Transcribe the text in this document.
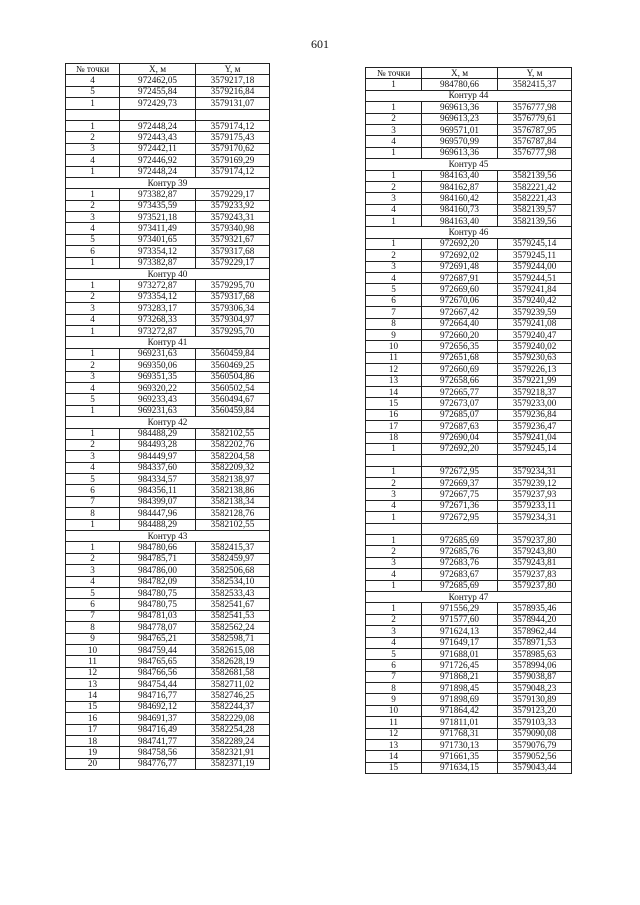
601
№ точки	X, м	Y, м
4	972462,05	3579217,18
5	972455,84	3579216,84
1	972429,73	3579131,07

1	972448,24	3579174,12
2	972443,43	3579175,43
3	972442,11	3579170,62
4	972446,92	3579169,29
1	972448,24	3579174,12
Контур 39		
1	973382,87	3579229,17
2	973435,59	3579233,92
3	973521,18	3579243,31
4	973411,49	3579340,98
5	973401,65	3579321,67
6	973354,12	3579317,68
1	973382,87	3579229,17
Контур 40		
1	973272,87	3579295,70
2	973354,12	3579317,68
3	973283,17	3579306,34
4	973268,33	3579304,97
1	973272,87	3579295,70
Контур 41		
1	969231,63	3560459,84
2	969350,06	3560469,25
3	969351,35	3560504,86
4	969320,22	3560502,54
5	969233,43	3560494,67
1	969231,63	3560459,84
Контур 42		
1	984488,29	3582102,55
2	984493,28	3582202,76
3	984449,97	3582204,58
4	984337,60	3582209,32
5	984334,57	3582138,97
6	984356,11	3582138,86
7	984399,07	3582138,34
8	984447,96	3582128,76
1	984488,29	3582102,55
Контур 43		
1	984780,66	3582415,37
2	984785,71	3582459,97
3	984786,00	3582506,68
4	984782,09	3582534,10
5	984780,75	3582533,43
6	984780,75	3582541,67
7	984781,03	3582541,53
8	984778,07	3582562,24
9	984765,21	3582598,71
10	984759,44	3582615,08
11	984765,65	3582628,19
12	984766,56	3582681,58
13	984754,44	3582711,02
14	984716,77	3582746,25
15	984692,12	3582244,37
16	984691,37	3582229,08
17	984716,49	3582254,28
18	984741,77	3582289,24
19	984758,56	3582321,91
20	984776,77	3582371,19
№ точки	X, м	Y, м
1	984780,66	3582415,37
Контур 44		
1	969613,36	3576777,98
2	969613,23	3576779,61
3	969571,01	3576787,95
4	969570,99	3576787,84
1	969613,36	3576777,98
Контур 45		
1	984163,40	3582139,56
2	984162,87	3582221,42
3	984160,42	3582221,43
4	984160,73	3582139,57
1	984163,40	3582139,56
Контур 46		
1	972692,20	3579245,14
2	972692,02	3579245,11
3	972691,48	3579244,00
4	972687,91	3579244,51
5	972669,60	3579241,84
6	972670,06	3579240,42
7	972667,42	3579239,59
8	972664,40	3579241,08
9	972660,20	3579240,47
10	972656,35	3579240,02
11	972651,68	3579230,63
12	972660,69	3579226,13
13	972658,66	3579221,99
14	972665,77	3579218,37
15	972673,07	3579233,00
16	972685,07	3579236,84
17	972687,63	3579236,47
18	972690,04	3579241,04
1	972692,20	3579245,14

1	972672,95	3579234,31
2	972669,37	3579239,12
3	972667,75	3579237,93
4	972671,36	3579233,11
1	972672,95	3579234,31

1	972685,69	3579237,80
2	972685,76	3579243,80
3	972683,76	3579243,81
4	972683,67	3579237,83
1	972685,69	3579237,80
Контур 47		
1	971556,29	3578935,46
2	971577,60	3578944,20
3	971624,13	3578962,44
4	971649,17	3578971,53
5	971688,01	3578985,63
6	971726,45	3578994,06
7	971868,21	3579038,87
8	971898,45	3579048,23
9	971898,69	3579130,89
10	971864,42	3579123,20
11	971811,01	3579103,33
12	971768,31	3579090,08
13	971730,13	3579076,79
14	971661,35	3579052,56
15	971634,15	3579043,44
